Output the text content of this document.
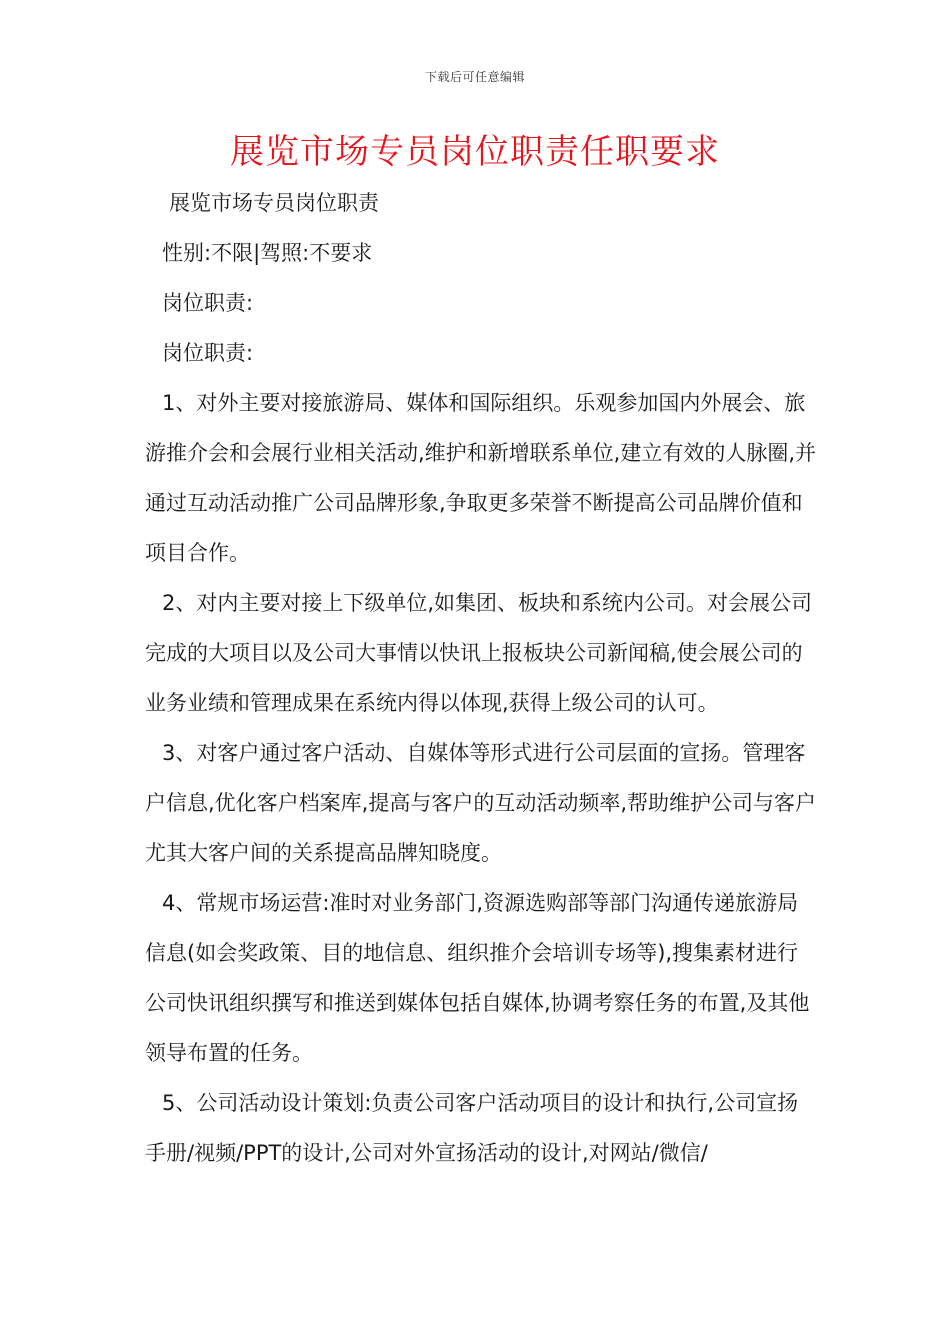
下载后可任意编辑
展览市场专员岗位职责任职要求

展览市场专员岗位职责

性别:不限|驾照:不要求

岗位职责:

岗位职责:

1、对外主要对接旅游局、媒体和国际组织。乐观参加国内外展会、旅游推介会和会展行业相关活动,维护和新增联系单位,建立有效的人脉圈,并通过互动活动推广公司品牌形象,争取更多荣誉不断提高公司品牌价值和项目合作。

2、对内主要对接上下级单位,如集团、板块和系统内公司。对会展公司完成的大项目以及公司大事情以快讯上报板块公司新闻稿,使会展公司的业务业绩和管理成果在系统内得以体现,获得上级公司的认可。

3、对客户通过客户活动、自媒体等形式进行公司层面的宣扬。管理客户信息,优化客户档案库,提高与客户的互动活动频率,帮助维护公司与客户尤其大客户间的关系提高品牌知晓度。

4、常规市场运营:准时对业务部门,资源选购部等部门沟通传递旅游局信息(如会奖政策、目的地信息、组织推介会培训专场等),搜集素材进行公司快讯组织撰写和推送到媒体包括自媒体,协调考察任务的布置,及其他领导布置的任务。

5、公司活动设计策划:负责公司客户活动项目的设计和执行,公司宣扬手册/视频/PPT的设计,公司对外宣扬活动的设计,对网站/微信/
